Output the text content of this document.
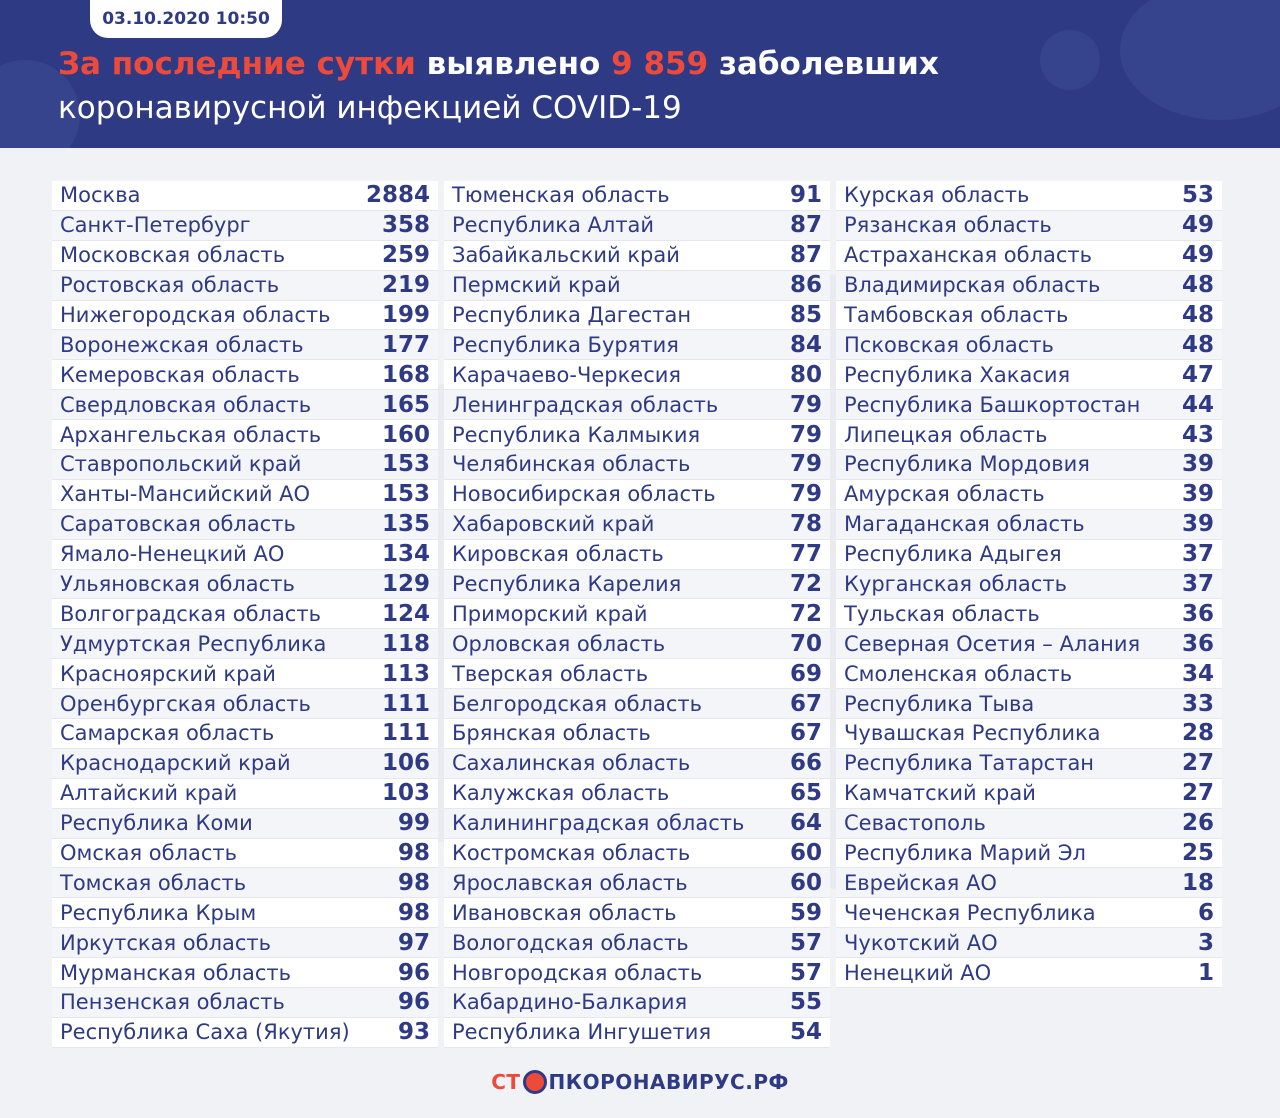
03.10.2020 10:50
За последние сутки выявлено 9 859 заболевших
коронавирусной инфекцией COVID-19
Москва	2884
Санкт-Петербург	358
Московская область	259
Ростовская область	219
Нижегородская область 199
Воронежская область	177
Кемеровская область	168
Свердловская область	165
Архангельская область	160
Ставропольский край	153
Ханты-Мансийский АО	153
Саратовская область	135
Ямало-Ненецкий АО	134
Ульяновская область	129
Волгоградская область	124
Удмуртская Республика 118
Красноярский край	113
Оренбургская область	111
Самарская область	111
Краснодарский край	106
Алтайский край	103
Республика Коми	99
Омская область	98
Томская область	98
Республика Крым	98
Иркутская область	97
Мурманская область	96
Пензенская область	96
Республика Саха (Якутия) 93
Тюменская область	91
Республика Алтай	87
Забайкальский край	87
Пермский край	86
Республика Дагестан	85
Республика Бурятия	84
Карачаево-Черкесия	80
Ленинградская область	79
Республика Калмыкия	79
Челябинская область	79
Новосибирская область	79
Хабаровский край	78
Кировская область	77
Республика Карелия	72
Приморский край	72
Орловская область	70
Тверская область	69
Белгородская область	67
Брянская область	67
Сахалинская область	66
Калужская область	65
Калининградская область 64
Костромская область	60
Ярославская область	60
Ивановская область	59
Вологодская область	57
Новгородская область	57
Кабардино-Балкария	55
Республика Ингушетия	54
Курская область	53
Рязанская область	49
Астраханская область	49
Владимирская область	48
Тамбовская область	48
Псковская область	48
Республика Хакасия	47
Республика Башкортостан 44
Липецкая область	43
Республика Мордовия	39
Амурская область	39
Магаданская область	39
Республика Адыгея	37
Курганская область	37
Тульская область	36
Северная Осетия – Алания 36
Смоленская область	34
Республика Тыва	33
Чувашская Республика	28
Республика Татарстан	27
Камчатский край	27
Севастополь	26
Республика Марий Эл	25
Еврейская АО	18
Чеченская Республика	6
Чукотский АО	3
Ненецкий АО	1
СТ ПКОРОНАВИРУС.РФ
